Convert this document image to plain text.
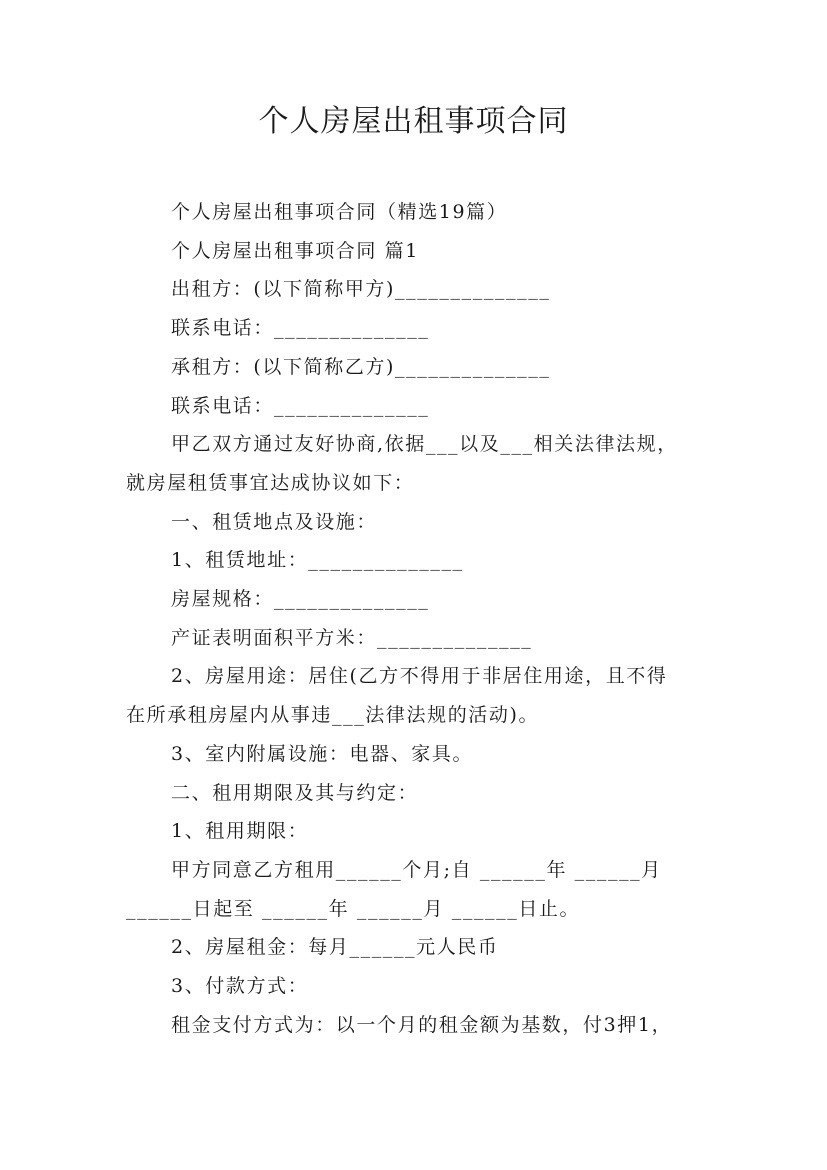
个人房屋出租事项合同

个人房屋出租事项合同（精选19篇）

个人房屋出租事项合同 篇1

出租方：(以下简称甲方)______________

联系电话：______________

承租方：(以下简称乙方)______________

联系电话：______________

甲乙双方通过友好协商,依据___以及___相关法律法规，

就房屋租赁事宜达成协议如下：

一、租赁地点及设施：

1、租赁地址：______________

房屋规格：______________

产证表明面积平方米：______________

2、房屋用途：居住(乙方不得用于非居住用途，且不得

在所承租房屋内从事违___法律法规的活动)。

3、室内附属设施：电器、家具。

二、租用期限及其与约定：

1、租用期限：

甲方同意乙方租用______个月;自 ______年 ______月

______日起至 ______年 ______月 ______日止。

2、房屋租金：每月______元人民币

3、付款方式：

租金支付方式为：以一个月的租金额为基数，付3押1，
